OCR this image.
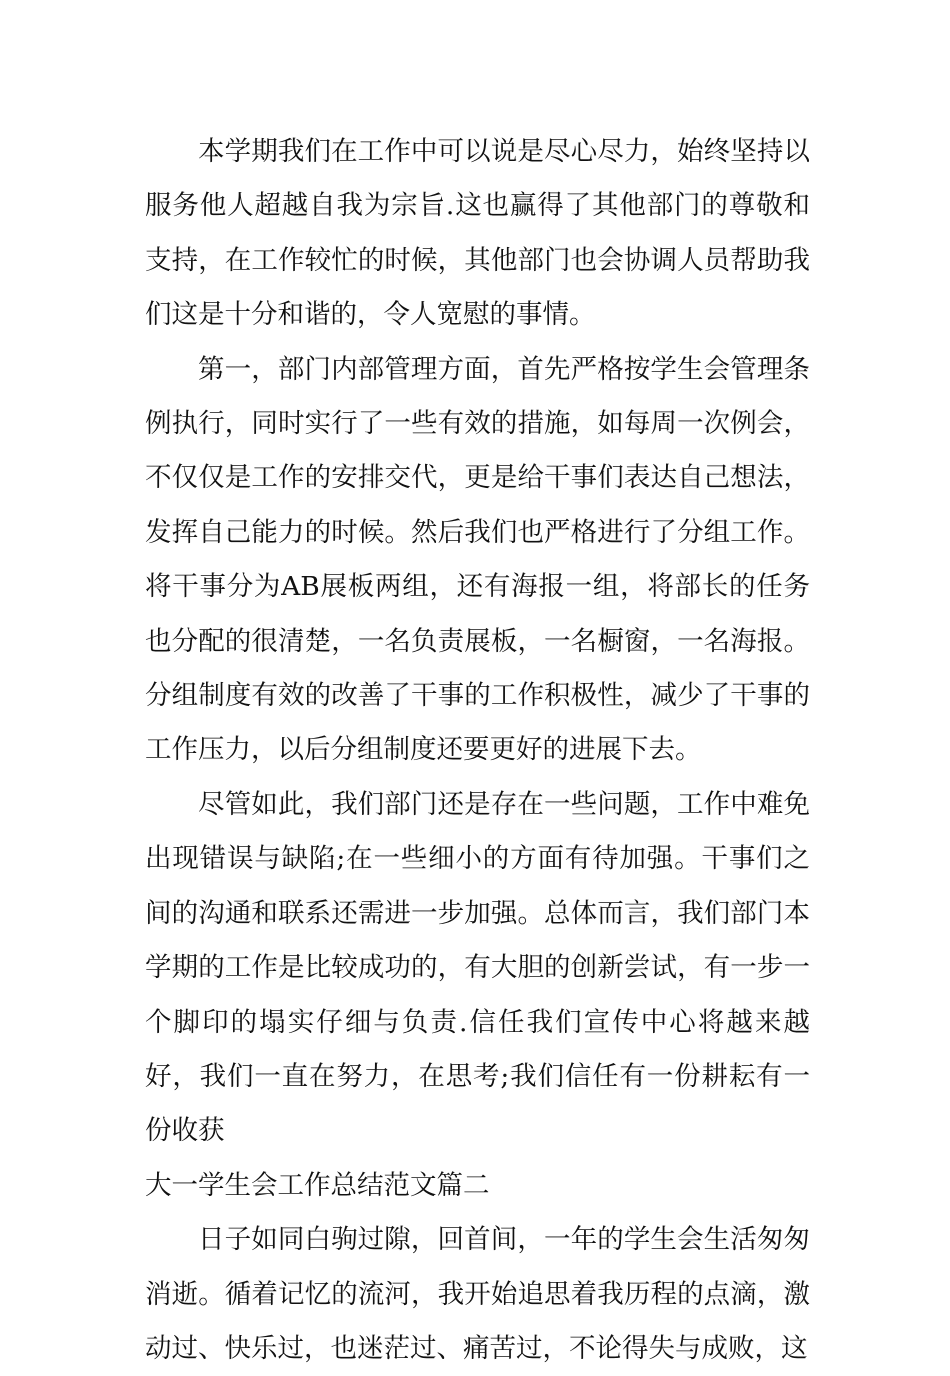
本学期我们在工作中可以说是尽心尽力，始终坚持以服务他人超越自我为宗旨.这也赢得了其他部门的尊敬和支持，在工作较忙的时候，其他部门也会协调人员帮助我们这是十分和谐的，令人宽慰的事情。

第一，部门内部管理方面，首先严格按学生会管理条例执行，同时实行了一些有效的措施，如每周一次例会，不仅仅是工作的安排交代，更是给干事们表达自己想法，发挥自己能力的时候。然后我们也严格进行了分组工作。将干事分为AB展板两组，还有海报一组，将部长的任务也分配的很清楚，一名负责展板，一名橱窗，一名海报。分组制度有效的改善了干事的工作积极性，减少了干事的工作压力，以后分组制度还要更好的进展下去。

尽管如此，我们部门还是存在一些问题，工作中难免出现错误与缺陷;在一些细小的方面有待加强。干事们之间的沟通和联系还需进一步加强。总体而言，我们部门本学期的工作是比较成功的，有大胆的创新尝试，有一步一个脚印的塌实仔细与负责.信任我们宣传中心将越来越好，我们一直在努力，在思考;我们信任有一份耕耘有一份收获

大一学生会工作总结范文篇二

日子如同白驹过隙，回首间，一年的学生会生活匆匆消逝。循着记忆的流河，我开始追思着我历程的点滴，激动过、快乐过，也迷茫过、痛苦过，不论得失与成败，这
